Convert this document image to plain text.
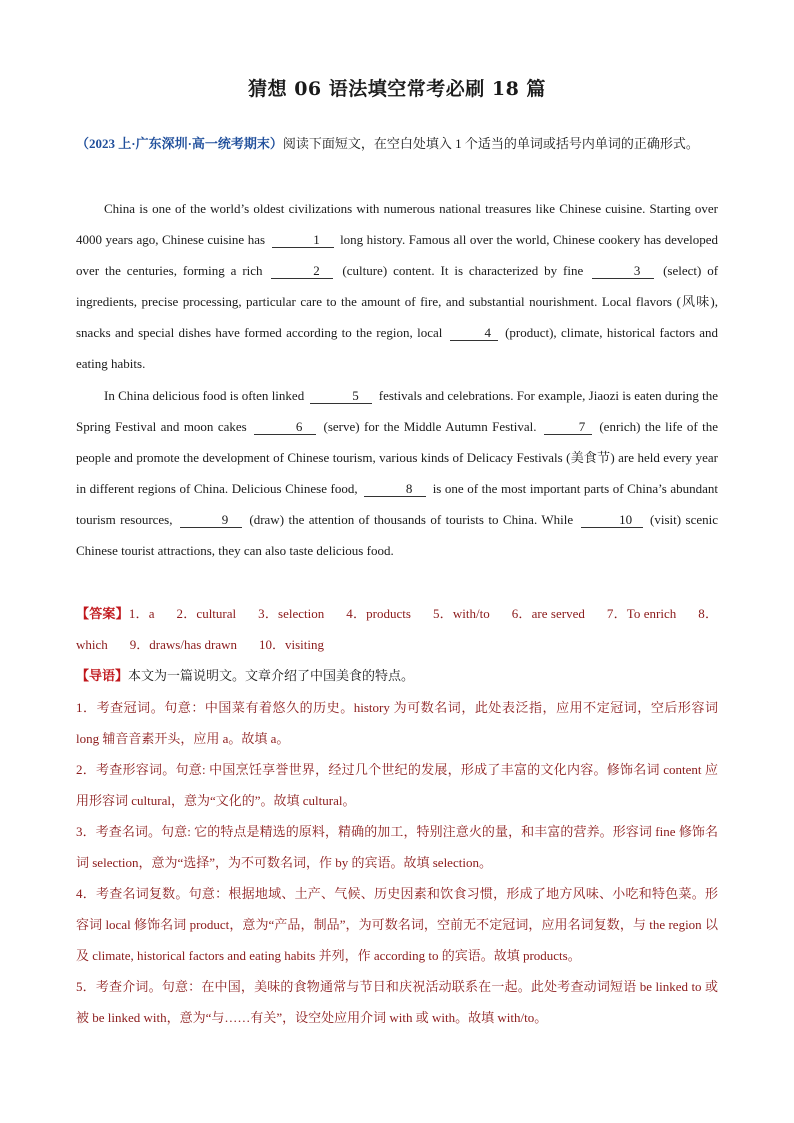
猜想 06 语法填空常考必刷 18 篇
（2023 上·广东深圳·高一统考期末）阅读下面短文，在空白处填入 1 个适当的单词或括号内单词的正确形式。
China is one of the world’s oldest civilizations with numerous national treasures like Chinese cuisine. Starting over 4000 years ago, Chinese cuisine has	1 long history. Famous all over the world, Chinese cookery has developed over the centuries, forming a rich	2 (culture) content. It is characterized by fine	3 (select) of ingredients, precise processing, particular care to the amount of fire, and substantial nourishment. Local flavors (风味), snacks and special dishes have formed according to the region, local	4 (product), climate, historical factors and eating habits.
In China delicious food is often linked	5 festivals and celebrations. For example, Jiaozi is eaten during the Spring Festival and moon cakes	6 (serve) for the Middle Autumn Festival.	7 (enrich) the life of the people and promote the development of Chinese tourism, various kinds of Delicacy Festivals (美食节) are held every year in different regions of China. Delicious Chinese food,	8 is one of the most important parts of China’s abundant tourism resources,	9 (draw) the attention of thousands of tourists to China. While	10 (visit) scenic Chinese tourist attractions, they can also taste delicious food.
【答案】1．a 2．cultural 3．selection 4．products 5．with/to 6．are served 7．To enrich 8．which 9．draws/has drawn 10．visiting
【导语】本文为一篇说明文。文章介绍了中国美食的特点。

1．考查冠词。句意：中国菜有着悠久的历史。history 为可数名词，此处表泛指，应用不定冠词，空后形容词 long 辅音音素开头，应用 a。故填 a。

2．考查形容词。句意: 中国烹饪享誉世界，经过几个世纪的发展，形成了丰富的文化内容。修饰名词 content 应用形容词 cultural，意为“文化的”。故填 cultural。

3．考查名词。句意: 它的特点是精选的原料，精确的加工，特别注意火的量，和丰富的营养。形容词 fine 修饰名词 selection，意为“选择”，为不可数名词，作 by 的宾语。故填 selection。

4．考查名词复数。句意：根据地域、土产、气候、历史因素和饮食习惯，形成了地方风味、小吃和特色菜。形容词 local 修饰名词 product，意为“产品，制品”，为可数名词，空前无不定冠词，应用名词复数，与 the region 以及 climate, historical factors and eating habits 并列，作 according to 的宾语。故填 products。

5．考查介词。句意：在中国，美味的食物通常与节日和庆祝活动联系在一起。此处考查动词短语 be linked to 或被 be linked with，意为“与……有关”，设空处应用介词 with 或 with。故填 with/to。
